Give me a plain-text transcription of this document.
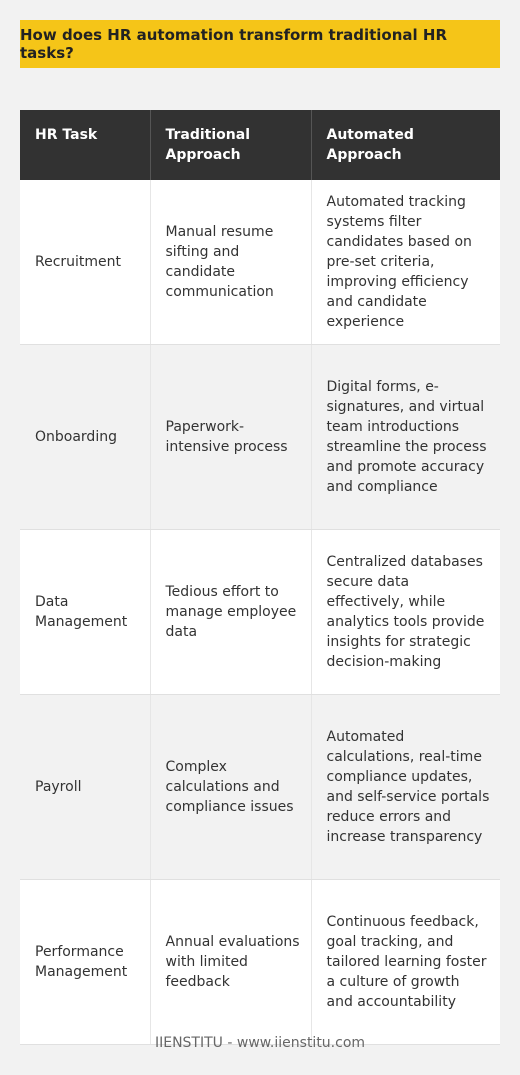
How does HR automation transform traditional HR tasks?
HR Task	Traditional Approach	Automated Approach
Recruitment	Manual resume sifting and candidate communication	Automated tracking systems filter candidates based on pre-set criteria, improving efficiency and candidate experience
Onboarding	Paperwork-intensive process	Digital forms, e-signatures, and virtual team introductions streamline the process and promote accuracy and compliance
Data Management	Tedious effort to manage employee data	Centralized databases secure data effectively, while analytics tools provide insights for strategic decision-making
Payroll	Complex calculations and compliance issues	Automated calculations, real-time compliance updates, and self-service portals reduce errors and increase transparency
Performance Management	Annual evaluations with limited feedback	Continuous feedback, goal tracking, and tailored learning foster a culture of growth and accountability
IIENSTITU - www.iienstitu.com
